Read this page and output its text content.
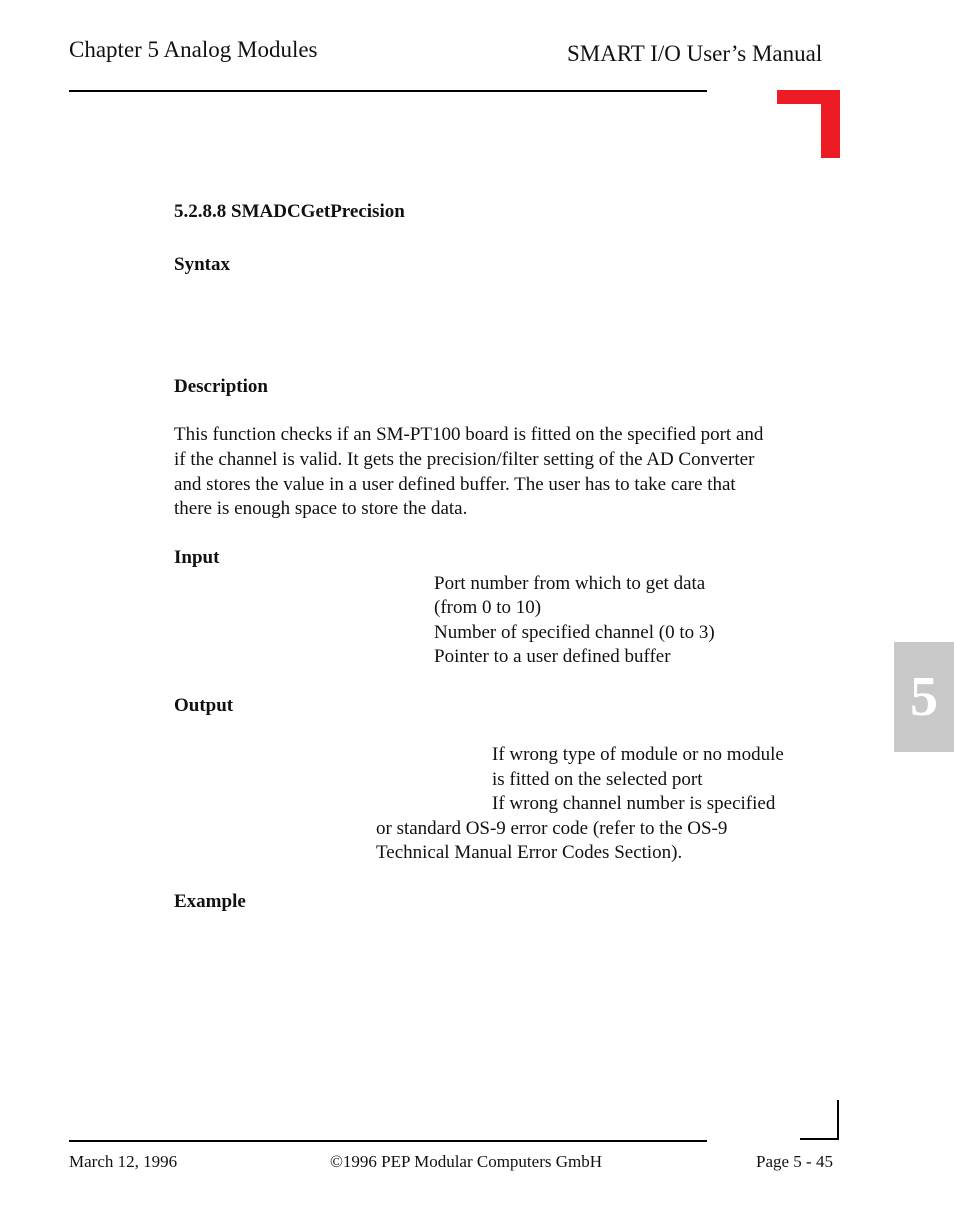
Chapter 5 Analog Modules	SMART I/O User’s Manual
5.2.8.8 SMADCGetPrecision
Syntax
Description
This function checks if an SM-PT100 board is fitted on the specified port and
if the channel is valid. It gets the precision/filter setting of the AD Converter
and stores the value in a user defined buffer. The user has to take care that
there is enough space to store the data.
Input
Port number from which to get data
(from 0 to 10)
Number of specified channel (0 to 3)
Pointer to a user defined buffer
Output
If wrong type of module or no module
is fitted on the selected port
If wrong channel number is specified
or standard OS-9 error code (refer to the OS-9
Technical Manual Error Codes Section).
Example
5
March 12, 1996	©1996 PEP Modular Computers GmbH	Page 5 - 45
